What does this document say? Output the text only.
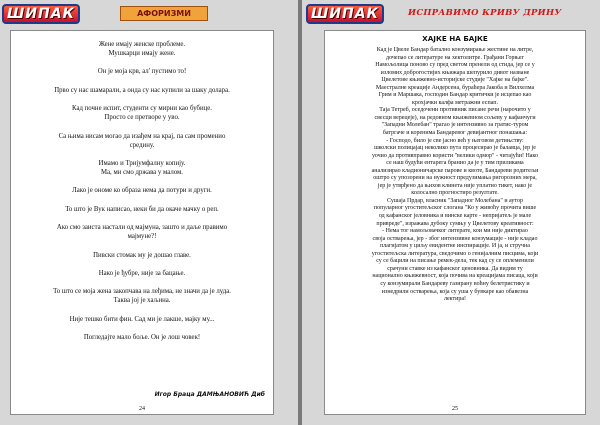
ШИПАК	АФОРИЗМИ

Жене имају женске проблеме.
Мушкарци имају жене.

Он је моја крв, ал' пустимо то!

Прво су нас шамарали, а онда су нас купили за шаку долара.

Кад почне испит, студенти су мирни као бубице.
Просто се претворе у уво.

Са њима нисам могао да изађем на крај, па сам променио
средину.

Имамо и Тријумфалну копију.
Ма, ми смо држава у малом.

Лако је ономе ко образа нема да потури и други.

То што је Вук написао, неки би да окаче мачку о реп.

Ако смо заиста настали од мајмуна, зашто и даље правимо
мајмуне?!

Пивски стомак му је дошао главе.

Нако је ђубре, није за бацање.

То што се моја жена закопчава на леђима, не значи да је луда.
Таква јој је хаљина.

Није тешко бити фин. Сад ми је лакше, мајку му...

Погледајте мало боље. Он је лош човек!

Игор Браца ДАМЊАНОВИЋ Диб
24
ШИПАК	ИСПРАВИМО КРИВУ ДРИНУ
ХАЈКЕ НА БАЈКЕ

Кад је Цвеле Бандар батално конзумирање жестине на литре,

дочепао се литературе на хектолитре. Грађани Горњег

Намољолица поново су пред светом пренели од стида, јер се у

изломих доброгостијих књижара шепурило дивот назване

Цвелетове књижевно-историјске студије "Хајке на бајке".

Маестралне креације Андерсена, бураћера Јакоба и Вилхелма

Грим и Маршака, господин Бандар критички је исцепао као

крохјачки калфа метражни еспап.

Таја Тетреб, оседочени противник писане речи (нарочито у

свесци верецеје), на редовном књижевном сољеву у кафанчуги

"Западни Молебан" трагао је интензивно за гратис-туром

батргаче и коренима Бандаревог девијантног понашања:

- Господо, било је све јасно већ у његовом детињству:

школски полицајац неколико пута процесирао је балавца, јер је

уочио да противправно користи "велики одмор" - читајући! Нако

се наш будући ентарега бранио да је у тим приликама

анализирао кладионичарске парове и квоте, Бандареви родитељи

оштро су упозорени на нужност предузимања ригорозних мера,

јер је утврђено да њихов клинета није уплатио тикет, нако је

колосално прогностиро резултате.

Сушаја Прдар, власник "Западног Молебана" и аутор

популарног угоститељског слогана "Ко у живоћу прочита више

од кафанског јеловника и винске карте - непријатељ је мале

привреде", изражава дубоку сумњу у Цвелетову креативност:

- Нема тог намољовачког литерате, кои ми није диктирао

своја остварења, јер - због интензивне конзумације - није кладао

плагијатом у циљу евидентне инспирације. И ја, и стручна

угоститељска литература, сведочимо о генијалним писцима, који

су се бацили на писање ремек-дела, тек кад су се оплеменили

срачуни ставке из кафанског ценовника. Да видим ту

национално књижевност, која почива на креацијама писаца, који

су конзумирали Бандареву газирану воћну белетристику и

изнедрили остварења, која су уша у бувкаре као обавезна

лектира!

25
